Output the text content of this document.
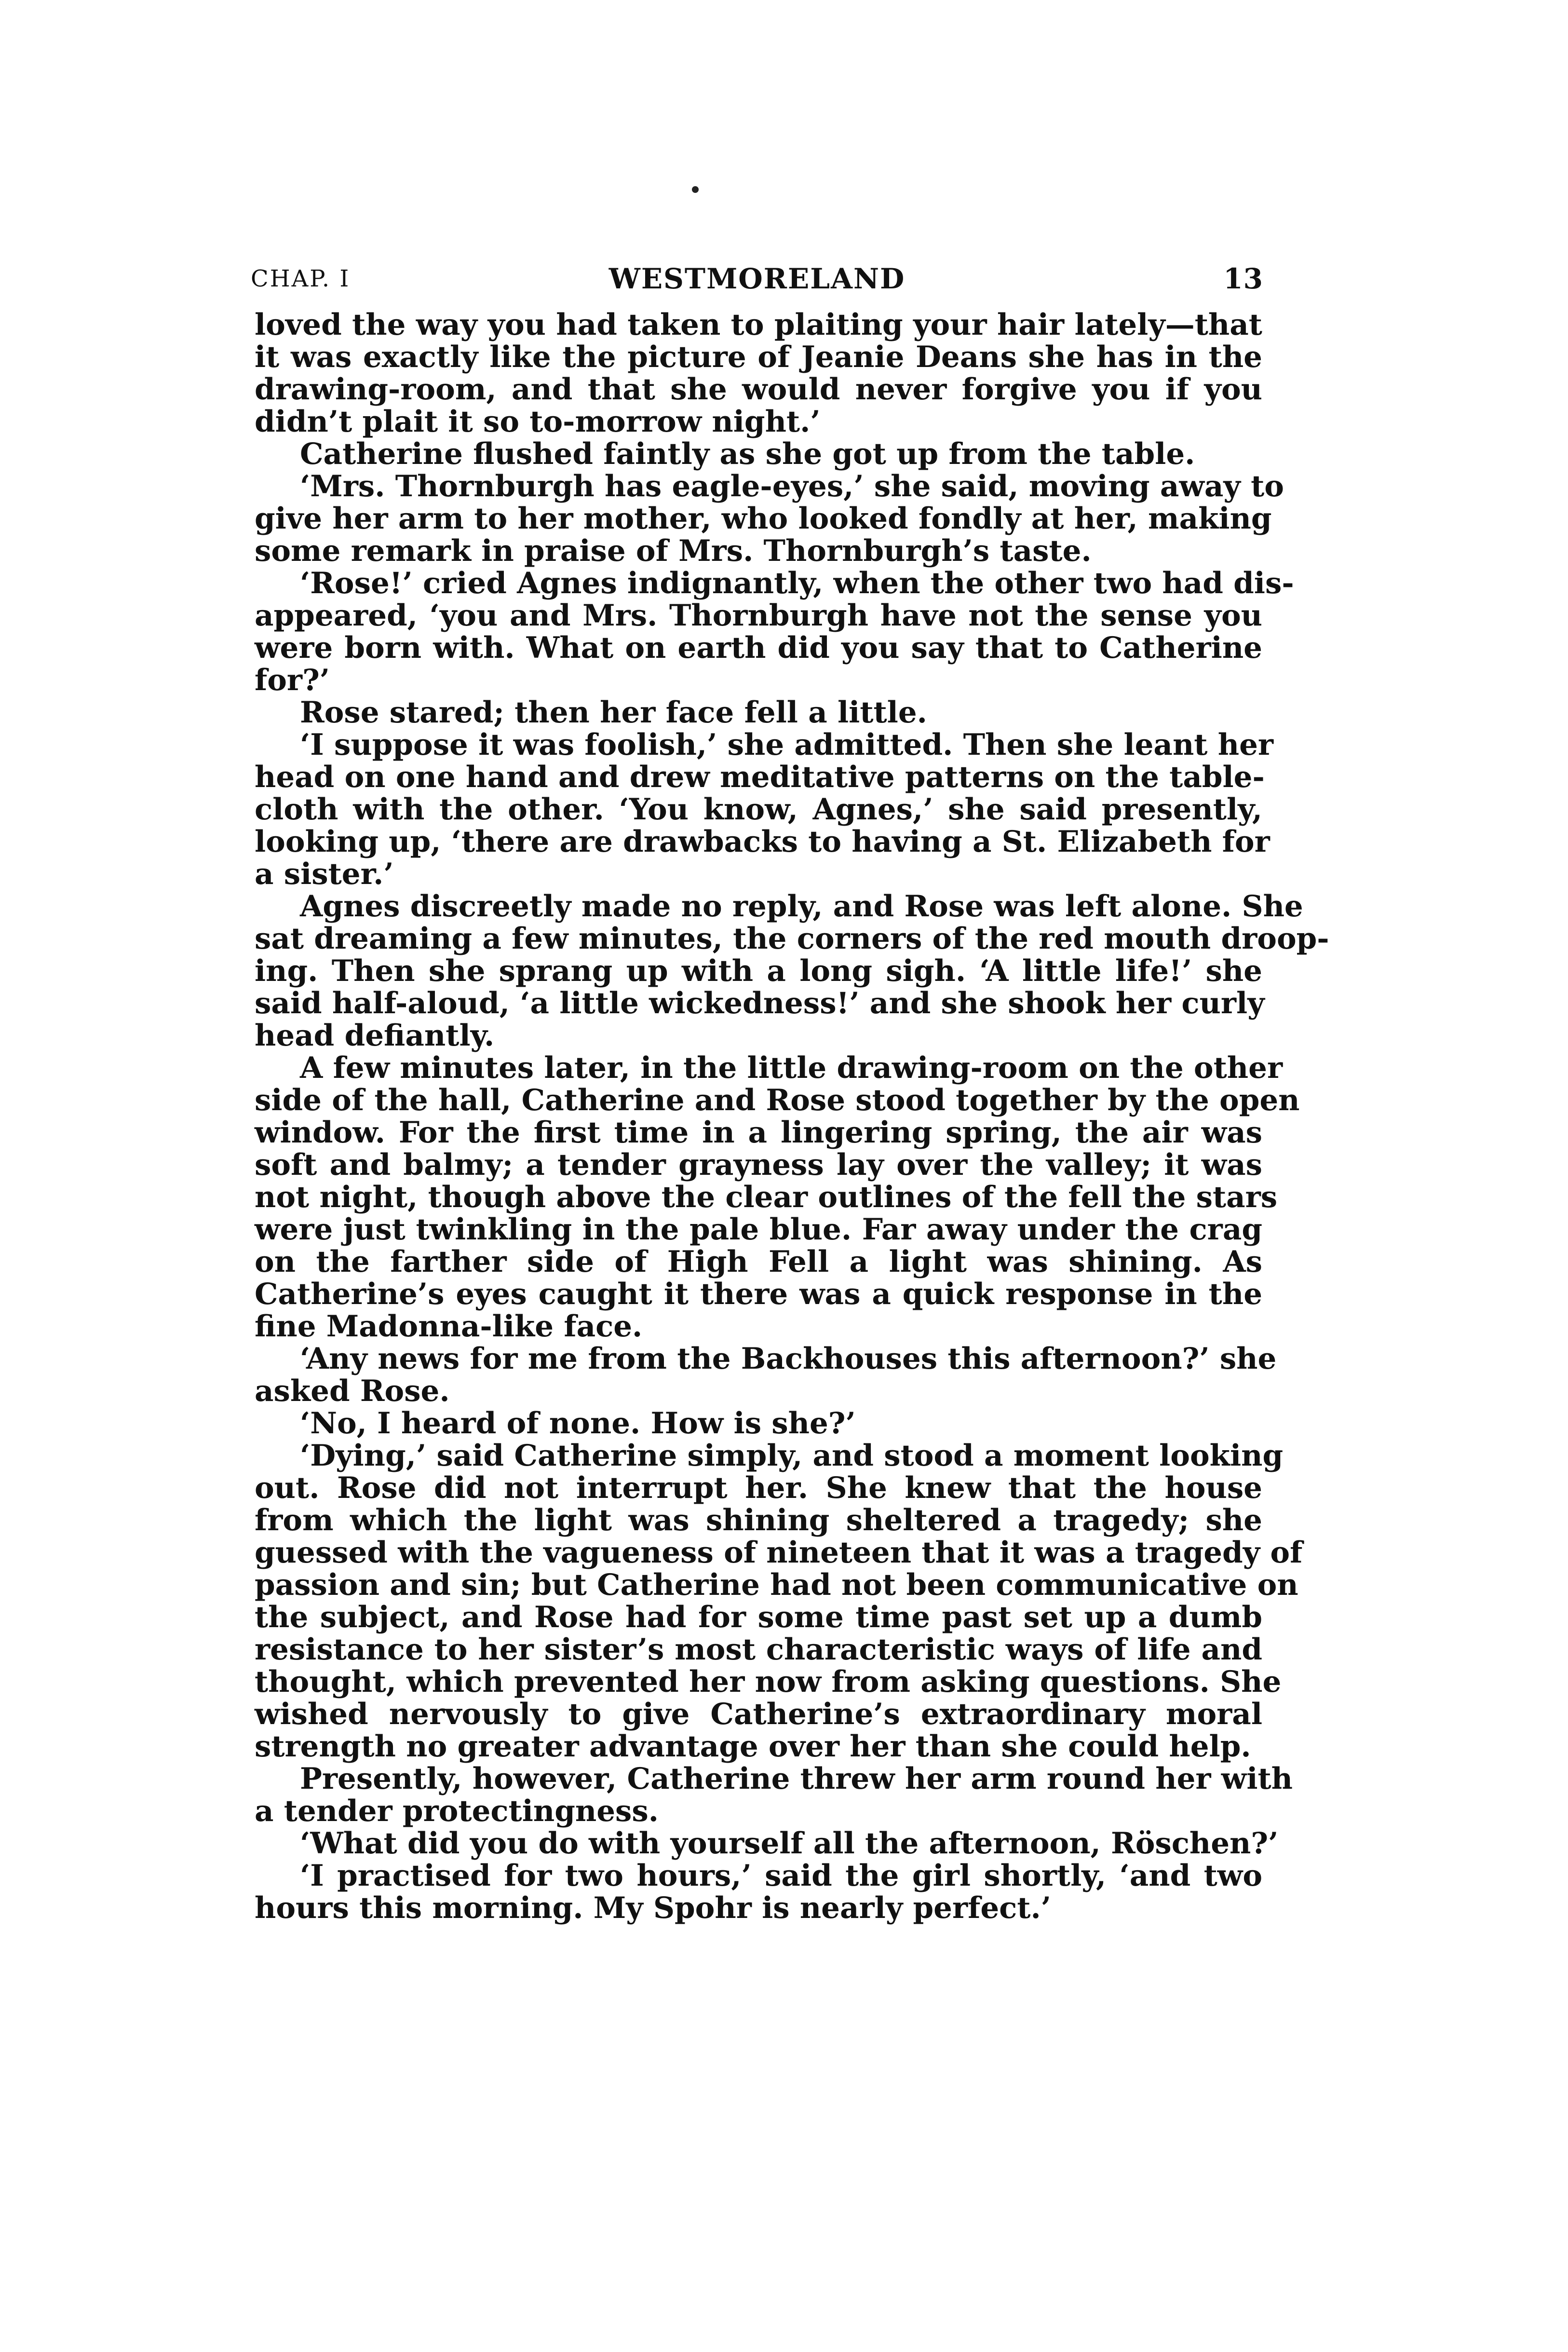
CHAP. I	WESTMORELAND	13
loved the way you had taken to plaiting your hair lately—that
it was exactly like the picture of Jeanie Deans she has in the
drawing-room, and that she would never forgive you if you
didn’t plait it so to-morrow night.’
Catherine flushed faintly as she got up from the table.
‘Mrs. Thornburgh has eagle-eyes,’ she said, moving away to
give her arm to her mother, who looked fondly at her, making
some remark in praise of Mrs. Thornburgh’s taste.
‘Rose!’ cried Agnes indignantly, when the other two had dis-
appeared, ‘you and Mrs. Thornburgh have not the sense you
were born with. What on earth did you say that to Catherine
for?’
Rose stared; then her face fell a little.
‘I suppose it was foolish,’ she admitted. Then she leant her
head on one hand and drew meditative patterns on the table-
cloth with the other. ‘You know, Agnes,’ she said presently,
looking up, ‘there are drawbacks to having a St. Elizabeth for
a sister.’
Agnes discreetly made no reply, and Rose was left alone. She
sat dreaming a few minutes, the corners of the red mouth droop-
ing. Then she sprang up with a long sigh. ‘A little life!’ she
said half-aloud, ‘a little wickedness!’ and she shook her curly
head defiantly.
A few minutes later, in the little drawing-room on the other
side of the hall, Catherine and Rose stood together by the open
window. For the first time in a lingering spring, the air was
soft and balmy; a tender grayness lay over the valley; it was
not night, though above the clear outlines of the fell the stars
were just twinkling in the pale blue. Far away under the crag
on the farther side of High Fell a light was shining. As
Catherine’s eyes caught it there was a quick response in the
fine Madonna-like face.
‘Any news for me from the Backhouses this afternoon?’ she
asked Rose.
‘No, I heard of none. How is she?’
‘Dying,’ said Catherine simply, and stood a moment looking
out. Rose did not interrupt her. She knew that the house
from which the light was shining sheltered a tragedy; she
guessed with the vagueness of nineteen that it was a tragedy of
passion and sin; but Catherine had not been communicative on
the subject, and Rose had for some time past set up a dumb
resistance to her sister’s most characteristic ways of life and
thought, which prevented her now from asking questions. She
wished nervously to give Catherine’s extraordinary moral
strength no greater advantage over her than she could help.
Presently, however, Catherine threw her arm round her with
a tender protectingness.
‘What did you do with yourself all the afternoon, Röschen?’
‘I practised for two hours,’ said the girl shortly, ‘and two
hours this morning. My Spohr is nearly perfect.’
